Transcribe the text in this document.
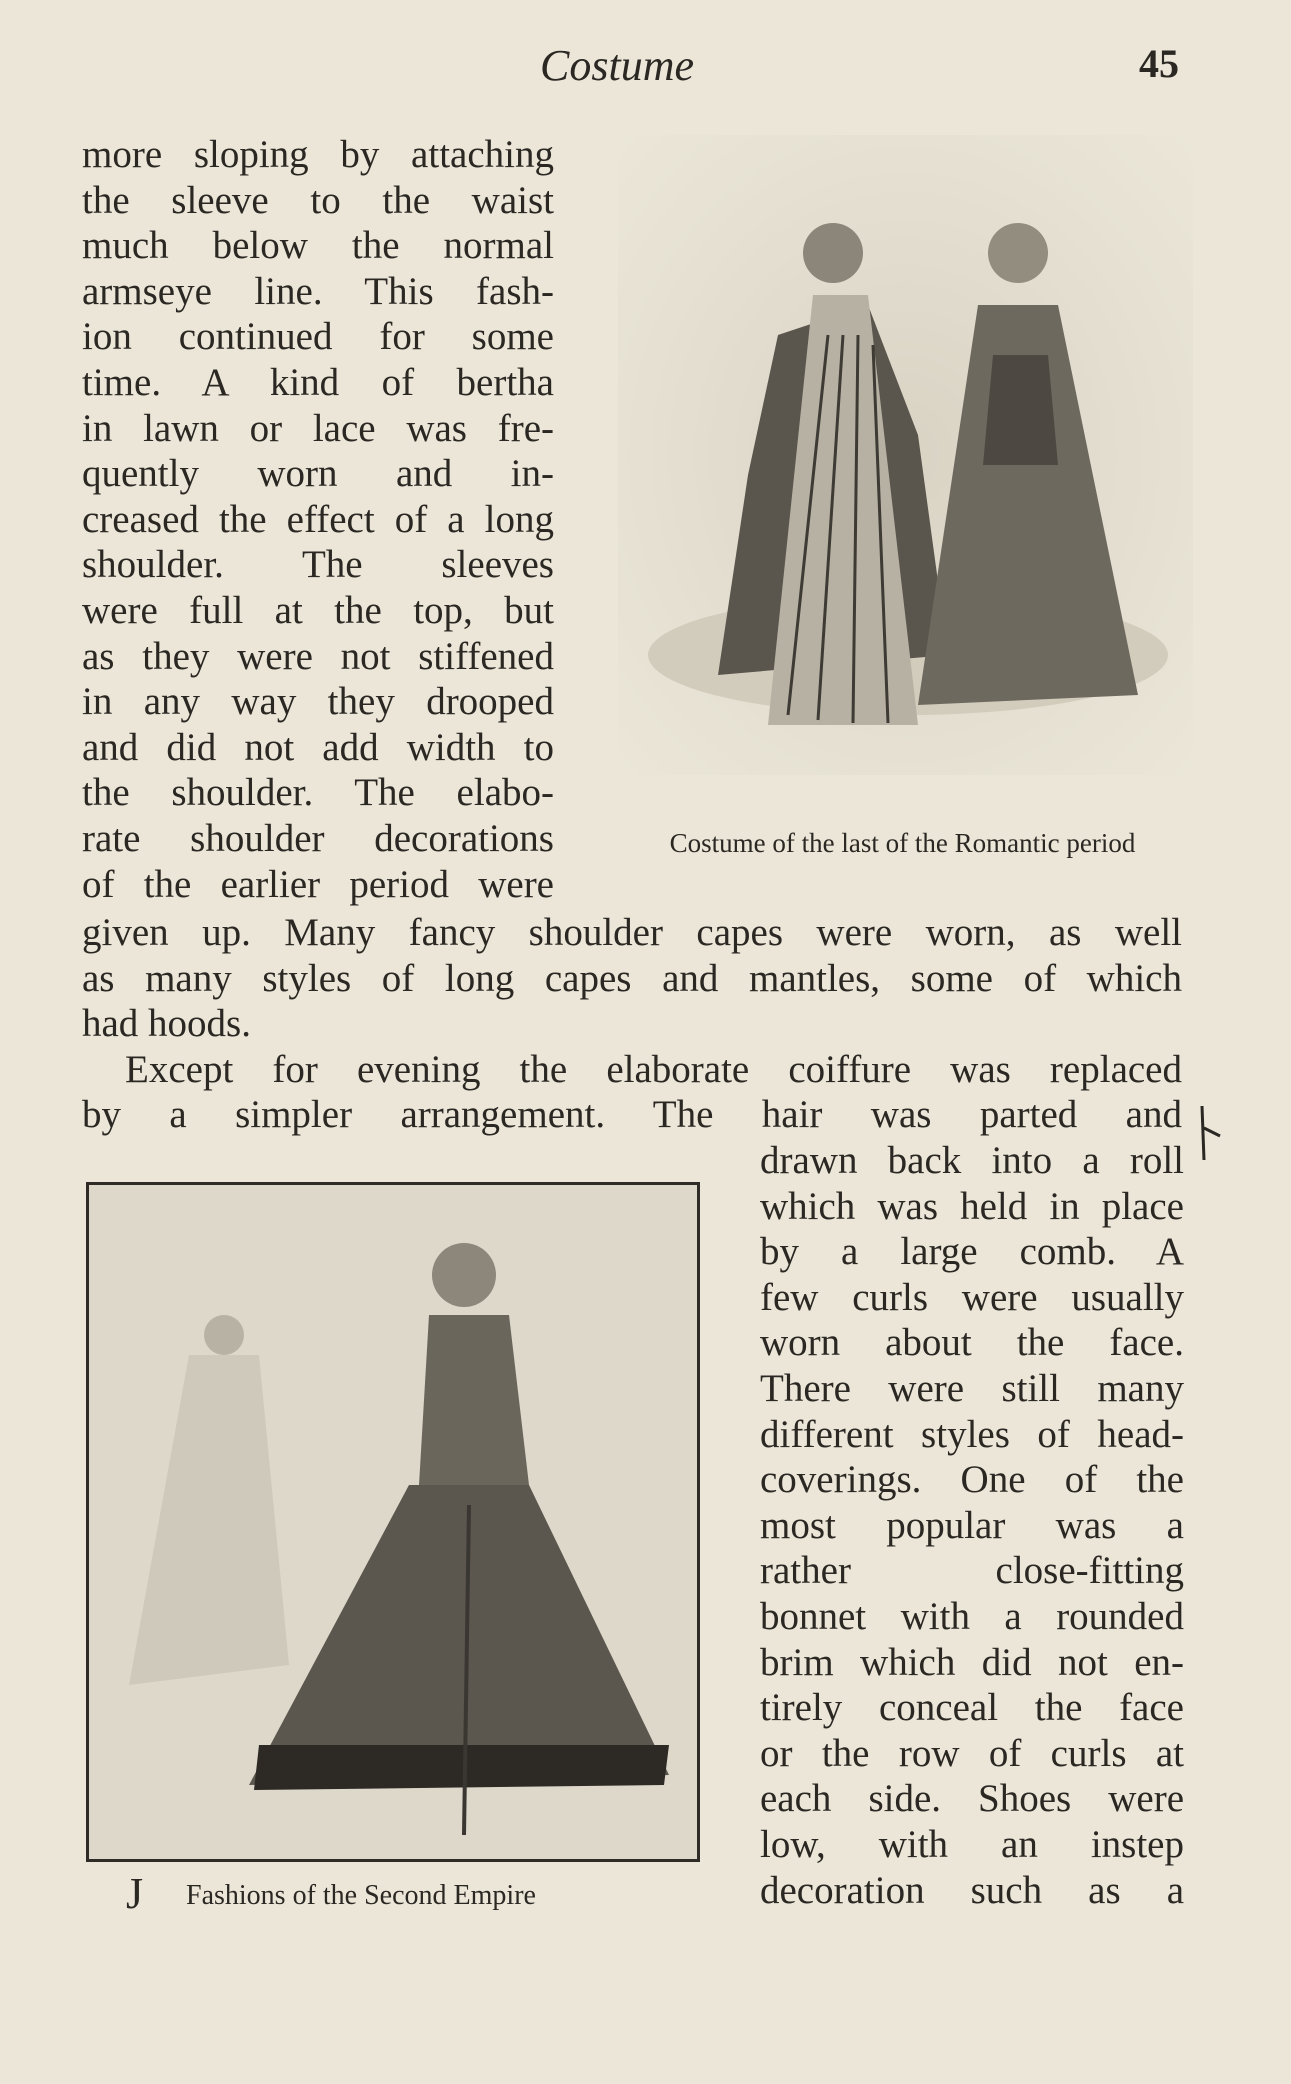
Costume	45
more sloping by attaching
the sleeve to the waist
much below the normal
armseye line. This fash-
ion continued for some
time. A kind of bertha
in lawn or lace was fre-
quently worn and in-
creased the effect of a long
shoulder. The sleeves
were full at the top, but
as they were not stiffened
in any way they drooped
and did not add width to
the shoulder. The elabo-
rate shoulder decorations
of the earlier period were
Costume of the last of the Romantic period
given up. Many fancy shoulder capes were worn, as well
as many styles of long capes and mantles, some of which
had hoods.
Except for evening the elaborate coiffure was replaced
by a simpler arrangement. The hair was parted and
J Fashions of the Second Empire
drawn back into a roll
which was held in place
by a large comb. A
few curls were usually
worn about the face.
There were still many
different styles of head-
coverings. One of the
most popular was a
rather close-fitting
bonnet with a rounded
brim which did not en-
tirely conceal the face
or the row of curls at
each side. Shoes were
low, with an instep
decoration such as a
